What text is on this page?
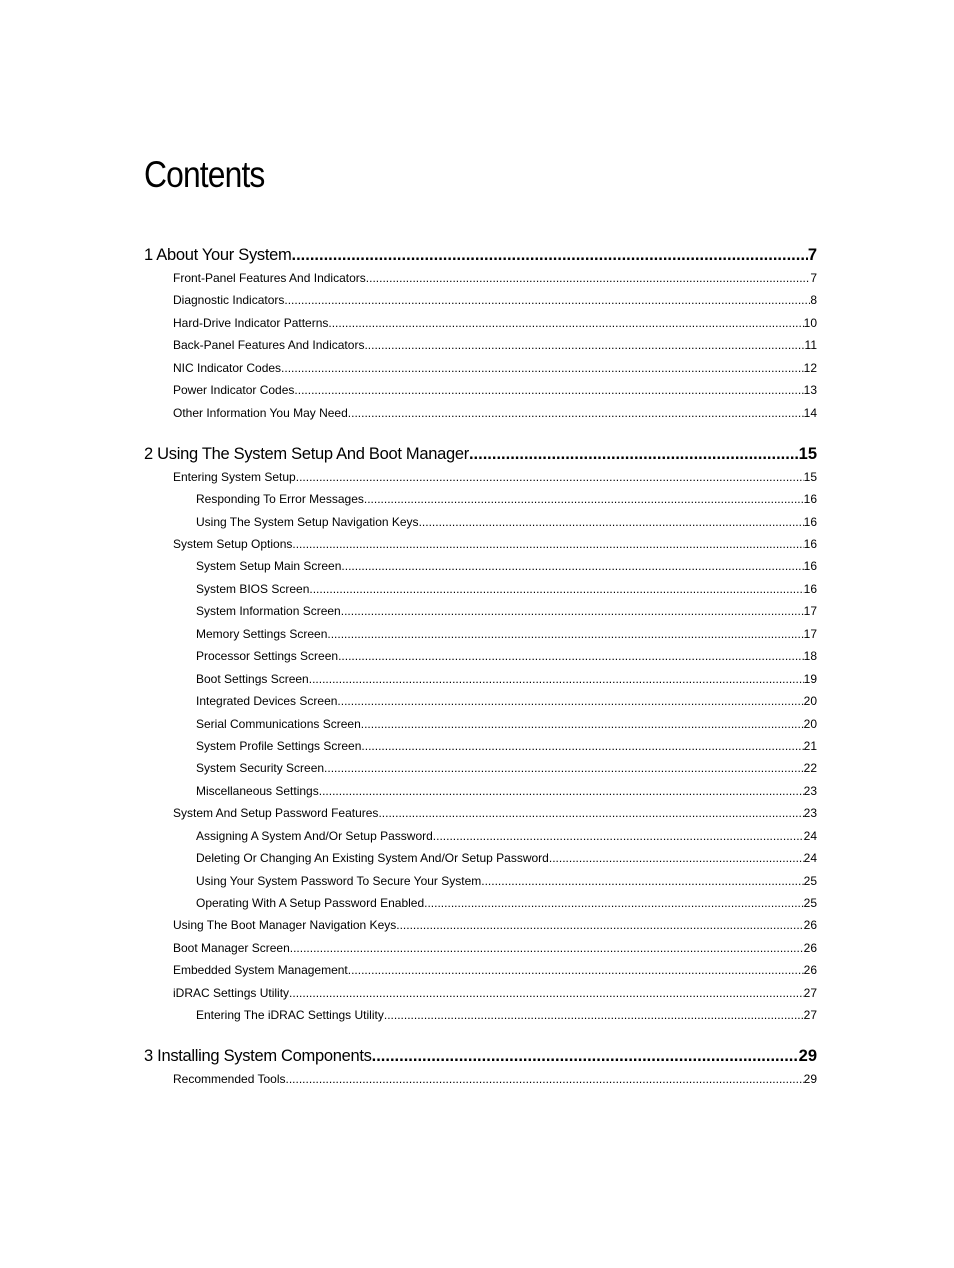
Contents
1 About Your System .....	7
Front-Panel Features And Indicators .....	7
Diagnostic Indicators .....	8
Hard-Drive Indicator Patterns .....	10
Back-Panel Features And Indicators .....	11
NIC Indicator Codes .....	12
Power Indicator Codes .....	13
Other Information You May Need .....	14
2 Using The System Setup And Boot Manager .....	15
Entering System Setup .....	15
Responding To Error Messages .....	16
Using The System Setup Navigation Keys .....	16
System Setup Options .....	16
System Setup Main Screen .....	16
System BIOS Screen .....	16
System Information Screen .....	17
Memory Settings Screen .....	17
Processor Settings Screen .....	18
Boot Settings Screen .....	19
Integrated Devices Screen .....	20
Serial Communications Screen .....	20
System Profile Settings Screen .....	21
System Security Screen .....	22
Miscellaneous Settings .....	23
System And Setup Password Features .....	23
Assigning A System And/Or Setup Password .....	24
Deleting Or Changing An Existing System And/Or Setup Password .....	24
Using Your System Password To Secure Your System .....	25
Operating With A Setup Password Enabled .....	25
Using The Boot Manager Navigation Keys .....	26
Boot Manager Screen .....	26
Embedded System Management .....	26
iDRAC Settings Utility .....	27
Entering The iDRAC Settings Utility .....	27
3 Installing System Components .....	29
Recommended Tools .....	29
